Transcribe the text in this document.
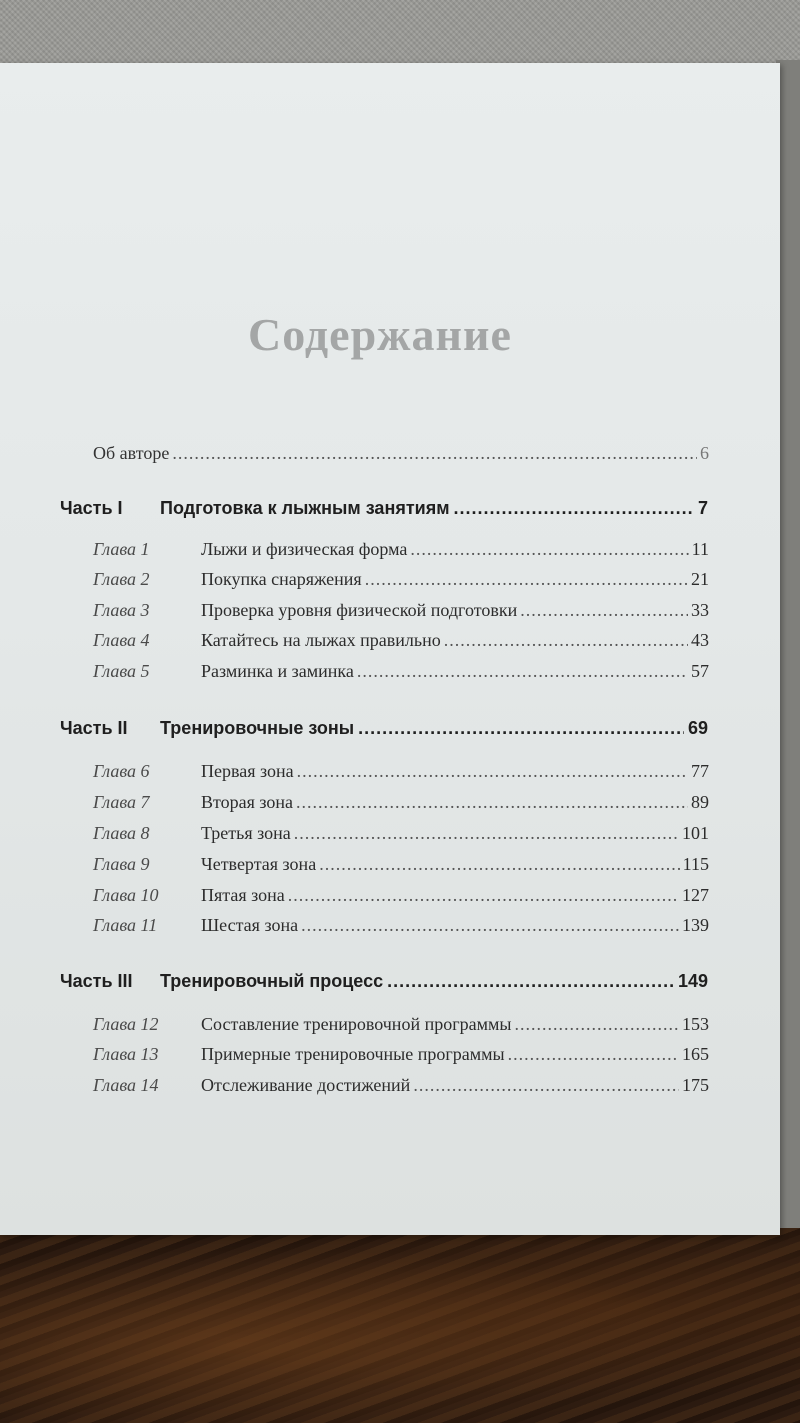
Содержание
Об авторе .....	6
Часть I	Подготовка к лыжным занятиям .....	7
Глава 1	Лыжи и физическая форма .....	11
Глава 2	Покупка снаряжения .....	21
Глава 3	Проверка уровня физической подготовки .....	33
Глава 4	Катайтесь на лыжах правильно .....	43
Глава 5	Разминка и заминка .....	57
Часть II	Тренировочные зоны .....	69
Глава 6	Первая зона .....	77
Глава 7	Вторая зона .....	89
Глава 8	Третья зона .....	101
Глава 9	Четвертая зона .....	115
Глава 10	Пятая зона .....	127
Глава 11	Шестая зона .....	139
Часть III	Тренировочный процесс .....	149
Глава 12	Составление тренировочной программы .....	153
Глава 13	Примерные тренировочные программы .....	165
Глава 14	Отслеживание достижений .....	175
